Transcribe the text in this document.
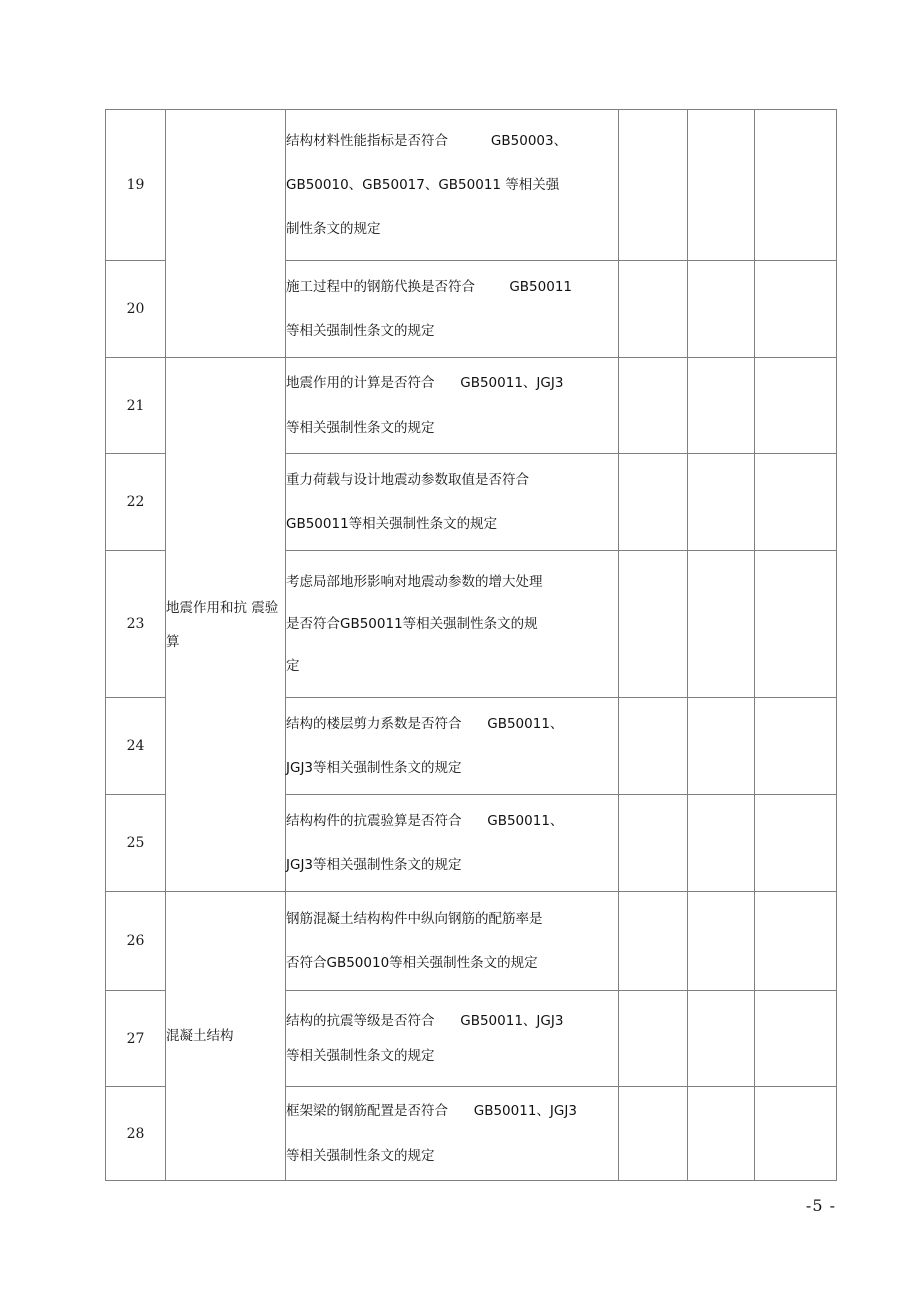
19		结构材料性能指标是否符合          GB50003、
GB50010、GB50017、GB50011 等相关强
制性条文的规定			

20		施工过程中的钢筋代换是否符合        GB50011
等相关强制性条文的规定			

21	地震作用和抗 震验算	地震作用的计算是否符合      GB50011、JGJ3
等相关强制性条文的规定			

22		重力荷载与设计地震动参数取值是否符合
GB50011等相关强制性条文的规定			

23		考虑局部地形影响对地震动参数的增大处理
是否符合GB50011等相关强制性条文的规
定			

24		结构的楼层剪力系数是否符合      GB50011、
JGJ3等相关强制性条文的规定			

25		结构构件的抗震验算是否符合      GB50011、
JGJ3等相关强制性条文的规定			

26	混凝土结构	钢筋混凝土结构构件中纵向钢筋的配筋率是
否符合GB50010等相关强制性条文的规定			

27		结构的抗震等级是否符合      GB50011、JGJ3
等相关强制性条文的规定			

28		框架梁的钢筋配置是否符合      GB50011、JGJ3
等相关强制性条文的规定			

-5 -
